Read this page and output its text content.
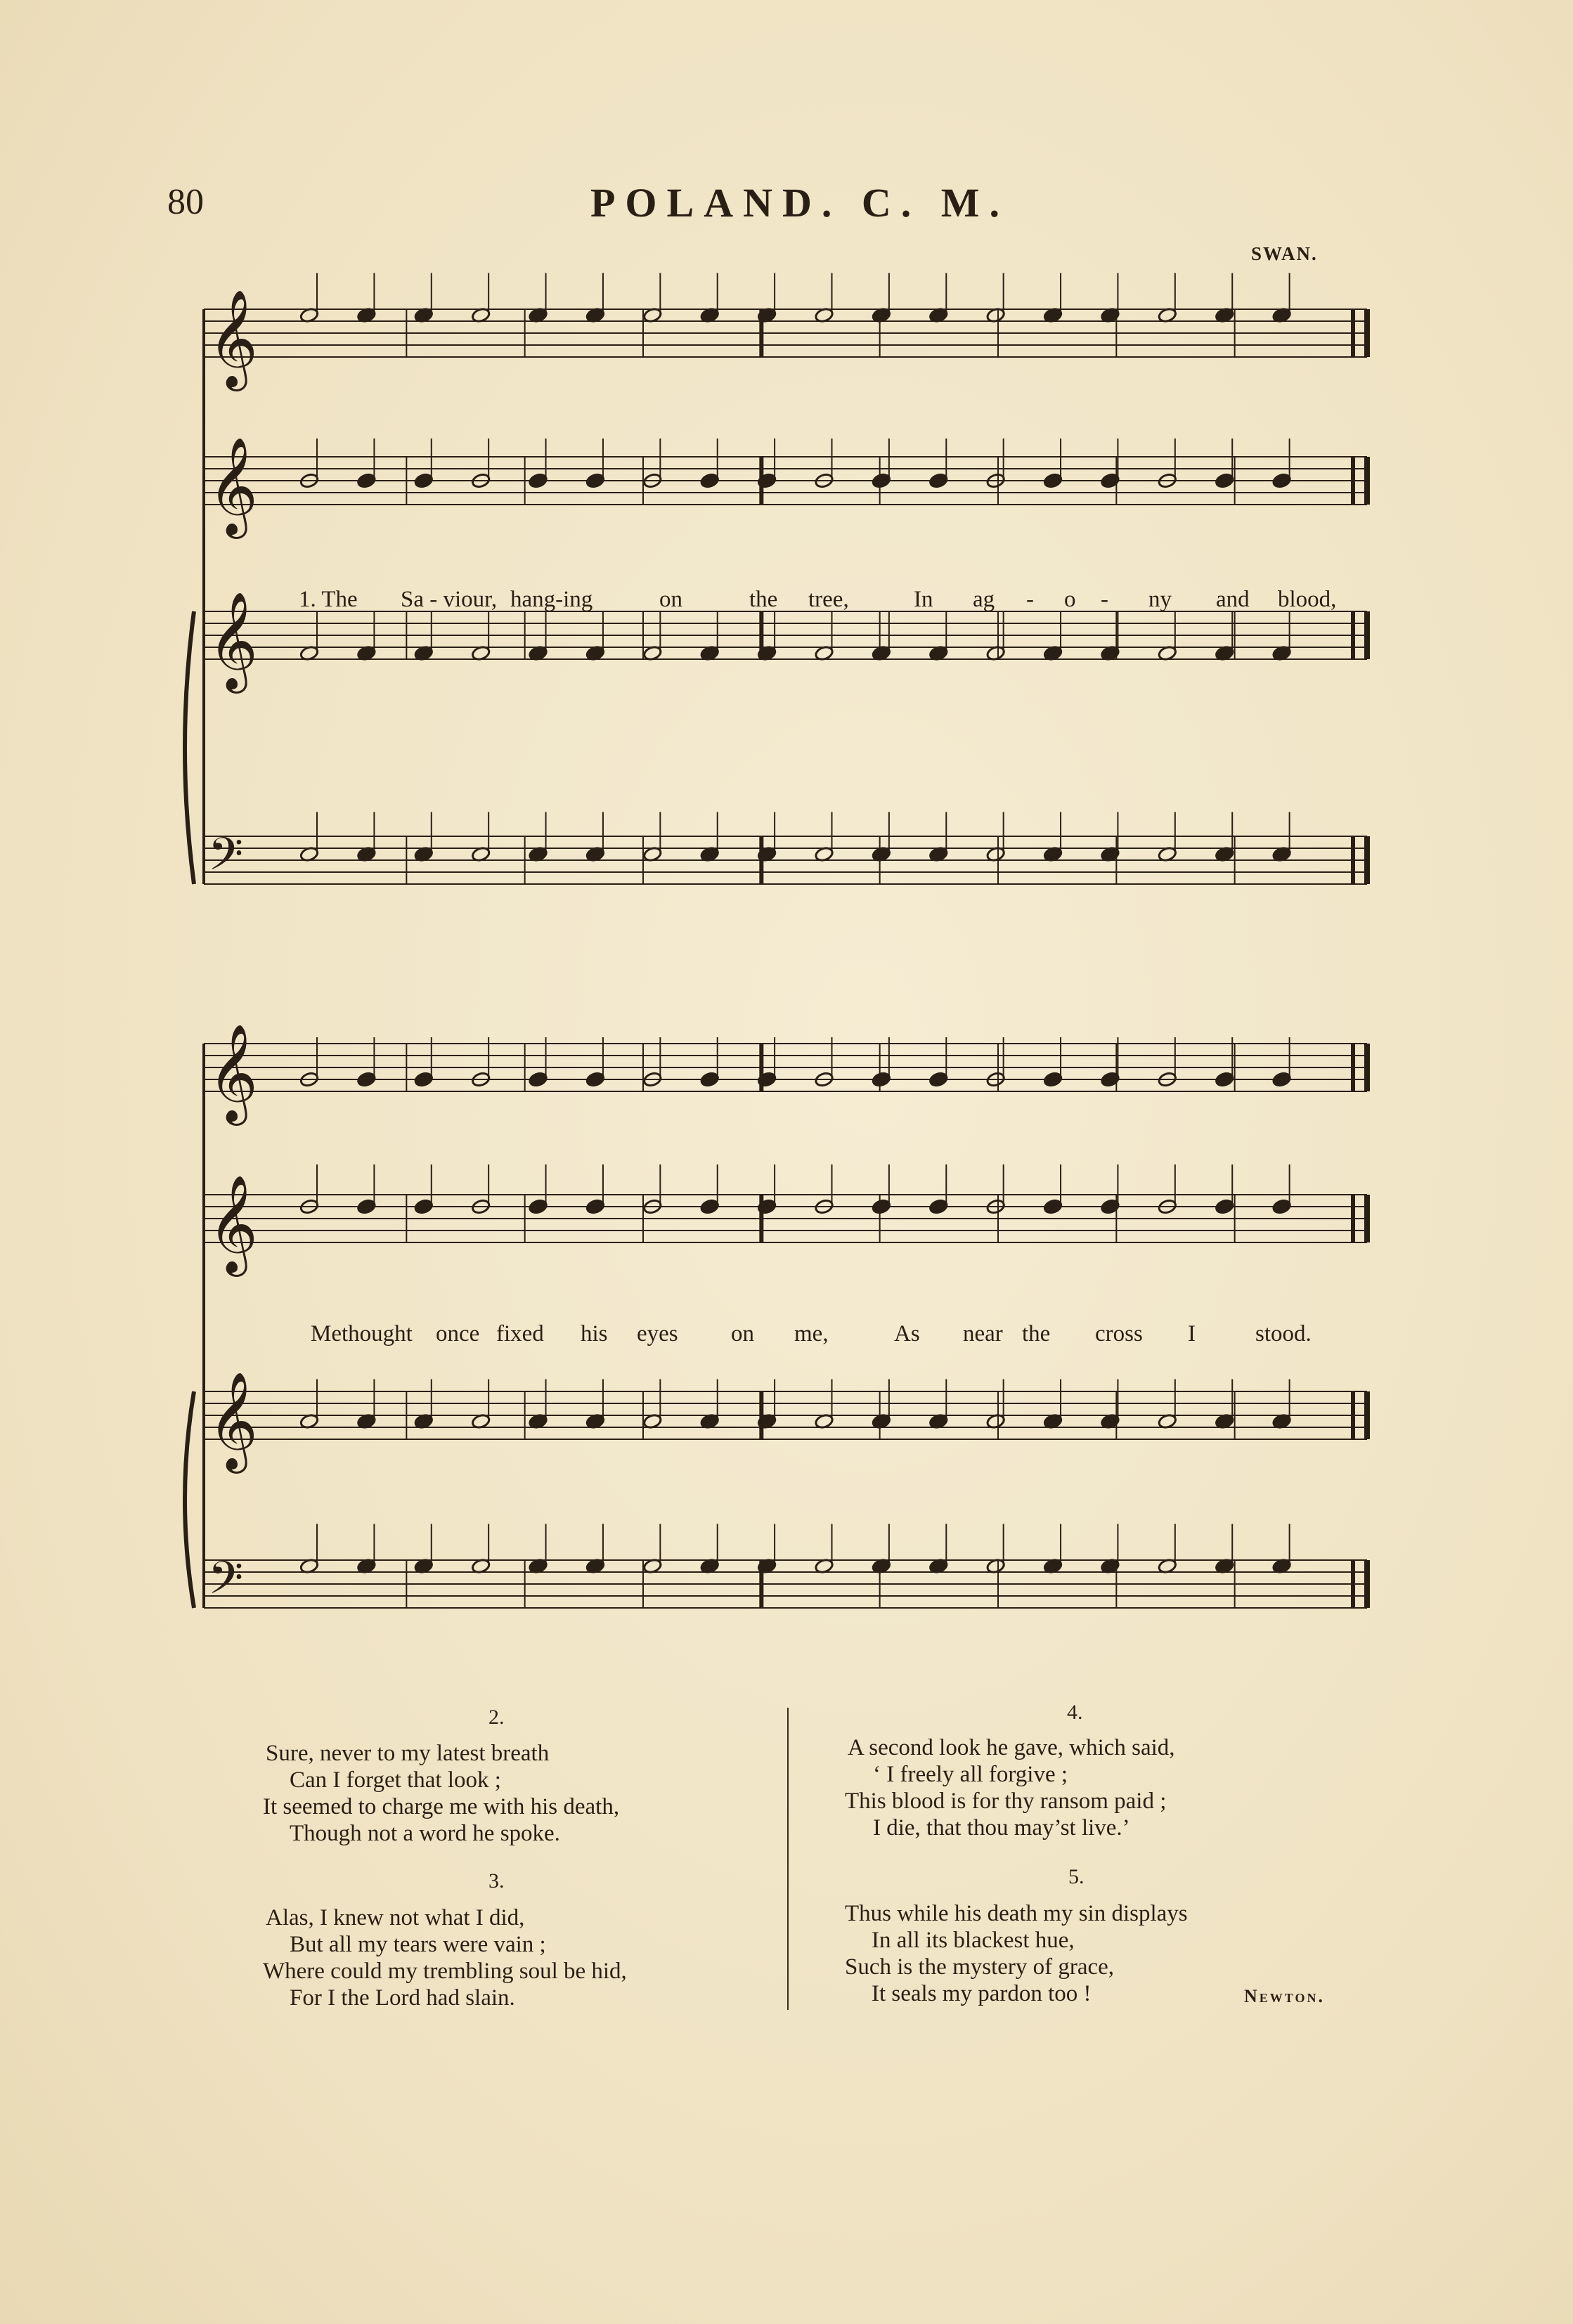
80	POLAND. C. M.
SWAN.
𝄞
𝄞
𝄞
𝄢
𝄞
𝄞
𝄞
𝄢
1. The Sa - viour, hang-ing	on	the tree,	In ag - o - ny and blood,
Methought once fixed his eyes on me,	As near the cross I	stood.
2.
Sure, never to my latest breath
Can I forget that look ;
It seemed to charge me with his death,
Though not a word he spoke.
3.
Alas, I knew not what I did,
But all my tears were vain ;
Where could my trembling soul be hid,
For I the Lord had slain.
4.
A second look he gave, which said,
‘ I freely all forgive ;
This blood is for thy ransom paid ;
I die, that thou may’st live.’
5.
Thus while his death my sin displays
In all its blackest hue,
Such is the mystery of grace,
It seals my pardon too !	Newton.
